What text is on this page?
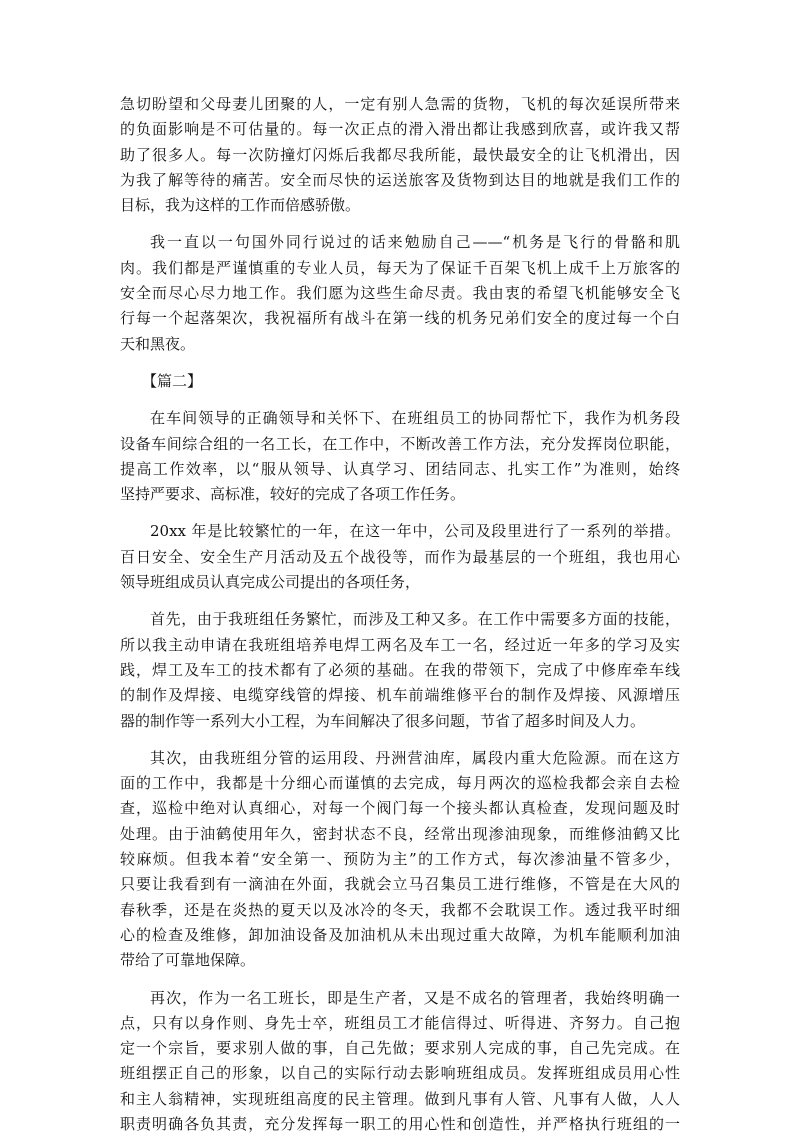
急切盼望和父母妻儿团聚的人，一定有别人急需的货物，飞机的每次延误所带来
的负面影响是不可估量的。每一次正点的滑入滑出都让我感到欣喜，或许我又帮
助了很多人。每一次防撞灯闪烁后我都尽我所能，最快最安全的让飞机滑出，因
为我了解等待的痛苦。安全而尽快的运送旅客及货物到达目的地就是我们工作的
目标，我为这样的工作而倍感骄傲。
我一直以一句国外同行说过的话来勉励自己——“机务是飞行的骨骼和肌
肉。我们都是严谨慎重的专业人员，每天为了保证千百架飞机上成千上万旅客的
安全而尽心尽力地工作。我们愿为这些生命尽责。我由衷的希望飞机能够安全飞
行每一个起落架次，我祝福所有战斗在第一线的机务兄弟们安全的度过每一个白
天和黑夜。
【篇二】
在车间领导的正确领导和关怀下、在班组员工的协同帮忙下，我作为机务段
设备车间综合组的一名工长，在工作中，不断改善工作方法，充分发挥岗位职能，
提高工作效率，以“服从领导、认真学习、团结同志、扎实工作”为准则，始终
坚持严要求、高标准，较好的完成了各项工作任务。
20xx 年是比较繁忙的一年，在这一年中，公司及段里进行了一系列的举措。
百日安全、安全生产月活动及五个战役等，而作为最基层的一个班组，我也用心
领导班组成员认真完成公司提出的各项任务，
首先，由于我班组任务繁忙，而涉及工种又多。在工作中需要多方面的技能，
所以我主动申请在我班组培养电焊工两名及车工一名，经过近一年多的学习及实
践，焊工及车工的技术都有了必须的基础。在我的带领下，完成了中修库牵车线
的制作及焊接、电缆穿线管的焊接、机车前端维修平台的制作及焊接、风源增压
器的制作等一系列大小工程，为车间解决了很多问题，节省了超多时间及人力。
其次，由我班组分管的运用段、丹洲营油库，属段内重大危险源。而在这方
面的工作中，我都是十分细心而谨慎的去完成，每月两次的巡检我都会亲自去检
查，巡检中绝对认真细心，对每一个阀门每一个接头都认真检查，发现问题及时
处理。由于油鹤使用年久，密封状态不良，经常出现渗油现象，而维修油鹤又比
较麻烦。但我本着“安全第一、预防为主”的工作方式，每次渗油量不管多少，
只要让我看到有一滴油在外面，我就会立马召集员工进行维修，不管是在大风的
春秋季，还是在炎热的夏天以及冰冷的冬天，我都不会耽误工作。透过我平时细
心的检查及维修，卸加油设备及加油机从未出现过重大故障，为机车能顺利加油
带给了可靠地保障。
再次，作为一名工班长，即是生产者，又是不成名的管理者，我始终明确一
点，只有以身作则、身先士卒，班组员工才能信得过、听得进、齐努力。自己抱
定一个宗旨，要求别人做的事，自己先做；要求别人完成的事，自己先完成。在
班组摆正自己的形象，以自己的实际行动去影响班组成员。发挥班组成员用心性
和主人翁精神，实现班组高度的民主管理。做到凡事有人管、凡事有人做，人人
职责明确各负其责，充分发挥每一职工的用心性和创造性，并严格执行班组的一
